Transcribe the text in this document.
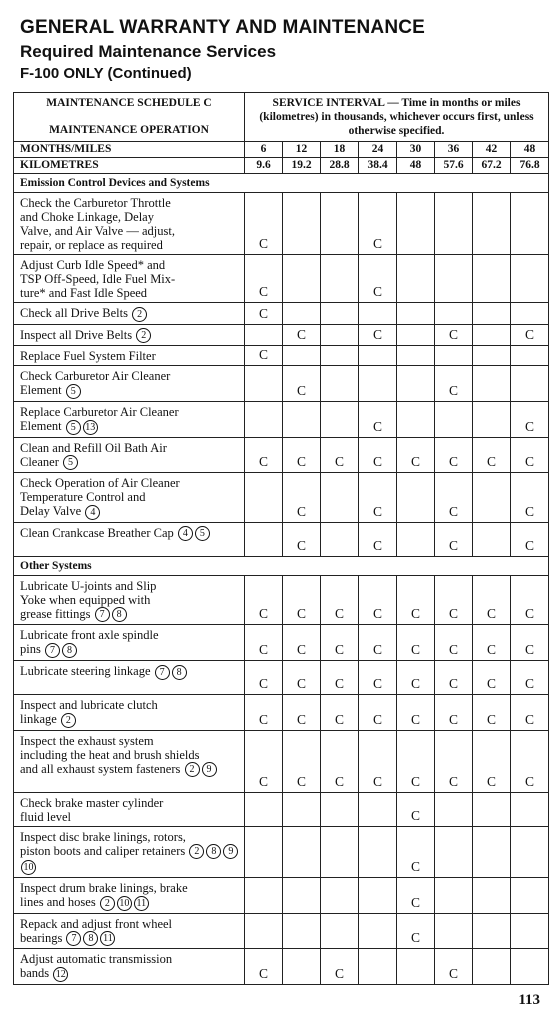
GENERAL WARRANTY AND MAINTENANCE
Required Maintenance Services
F-100 ONLY (Continued)
MAINTENANCE SCHEDULE C
MAINTENANCE OPERATION	SERVICE INTERVAL — Time in months or miles (kilometres) in thousands, whichever occurs first, unless otherwise specified.							
MONTHS/MILES	6	12	18	24	30	36	42	48
KILOMETRES	9.6	19.2	28.8	38.4	48	57.6	67.2	76.8
Emission Control Devices and Systems								
Check the Carburetor Throttle
and Choke Linkage, Delay
Valve, and Air Valve — adjust,
repair, or replace as required	C			C				
Adjust Curb Idle Speed* and
TSP Off-Speed, Idle Fuel Mix-
ture* and Fast Idle Speed	C			C				
Check all Drive Belts 2	C							
Inspect all Drive Belts 2		C		C		C		C
Replace Fuel System Filter	C							
Check Carburetor Air Cleaner
Element 5		C				C		
Replace Carburetor Air Cleaner
Element 5 13				C				C
Clean and Refill Oil Bath Air
Cleaner 5	C	C	C	C	C	C	C	C
Check Operation of Air Cleaner
Temperature Control and
Delay Valve 4		C		C		C		C
Clean Crankcase Breather Cap 4 5		C		C		C		C
Other Systems								
Lubricate U-joints and Slip
Yoke when equipped with
grease fittings 7 8	C	C	C	C	C	C	C	C
Lubricate front axle spindle
pins 7 8	C	C	C	C	C	C	C	C
Lubricate steering linkage 7 8	C	C	C	C	C	C	C	C
Inspect and lubricate clutch
linkage 2	C	C	C	C	C	C	C	C
Inspect the exhaust system
including the heat and brush shields
and all exhaust system fasteners 2 9	C	C	C	C	C	C	C	C
Check brake master cylinder
fluid level					C			
Inspect disc brake linings, rotors,
piston boots and caliper retainers 2 8 910					C			
Inspect drum brake linings, brake
lines and hoses 2 10 11					C			
Repack and adjust front wheel
bearings 7 8 11					C			
Adjust automatic transmission
bands 12	C		C			C		
113
